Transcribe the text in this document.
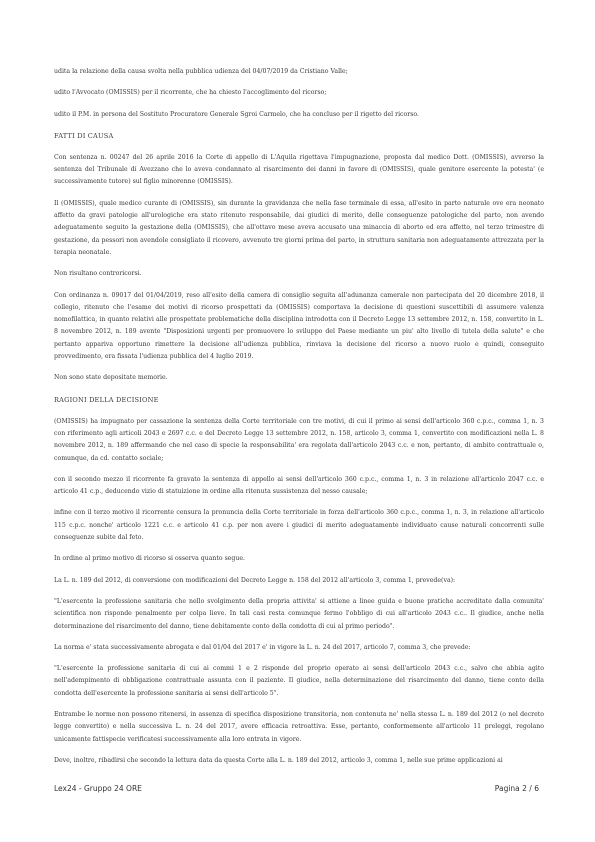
udita la relazione della causa svolta nella pubblica udienza del 04/07/2019 da Cristiano Valle;

udito l'Avvocato (OMISSIS) per il ricorrente, che ha chiesto l'accoglimento del ricorso;

udito il P.M. in persona del Sostituto Procuratore Generale Sgroi Carmelo, che ha concluso per il rigetto del ricorso.

FATTI DI CAUSA

Con sentenza n. 00247 del 26 aprile 2016 la Corte di appello di L'Aquila rigettava l'impugnazione, proposta dal medico Dott. (OMISSIS), avverso la sentenza del Tribunale di Avezzano che lo aveva condannato al risarcimento dei danni in favore di (OMISSIS), quale genitore esercente la potesta' (e successivamente tutore) sul figlio minorenne (OMISSIS).

Il (OMISSIS), quale medico curante di (OMISSIS), sin durante la gravidanza che nella fase terminale di essa, all'esito in parto naturale ove era neonato affetto da gravi patologie all'urologiche era stato ritenuto responsabile, dai giudici di merito, delle conseguenze patologiche del parto, non avendo adeguatamente seguito la gestazione della (OMISSIS), che all'ottavo mese aveva accusato una minaccia di aborto ed era affetto, nel terzo trimestre di gestazione, da pessori non avendole consigliato il ricovero, avvenuto tre giorni prima del parto, in struttura sanitaria non adeguatamente attrezzata per la terapia neonatale.

Non risultano controricorsi.

Con ordinanza n. 09017 del 01/04/2019, reso all'esito della camera di consiglio seguita all'adunanza camerale non partecipata del 20 dicembre 2018, il collegio, ritenuto che l'esame dei motivi di ricorso prospettati da (OMISSIS) comportava la decisione di questioni suscettibili di assumere valenza nomofilattica, in quanto relativi alle prospettate problematiche della disciplina introdotta con il Decreto Legge 13 settembre 2012, n. 158, convertito in L. 8 novembre 2012, n. 189 avente "Disposizioni urgenti per promuovere lo sviluppo del Paese mediante un piu' alto livello di tutela della salute" e che pertanto appariva opportuno rimettere la decisione all'udienza pubblica, rinviava la decisione del ricorso a nuovo ruolo e quindi, conseguito provvedimento, era fissata l'udienza pubblica del 4 luglio 2019.

Non sono state depositate memorie.

RAGIONI DELLA DECISIONE

(OMISSIS) ha impugnato per cassazione la sentenza della Corte territoriale con tre motivi, di cui il primo ai sensi dell'articolo 360 c.p.c., comma 1, n. 3 con riferimento agli articoli 2043 e 2697 c.c. e del Decreto Legge 13 settembre 2012, n. 158, articolo 3, comma 1, convertito con modificazioni nella L. 8 novembre 2012, n. 189 affermando che nel caso di specie la responsabilita' era regolata dall'articolo 2043 c.c. e non, pertanto, di ambito contrattuale o, comunque, da cd. contatto sociale;

con il secondo mezzo il ricorrente fa gravato la sentenza di appello ai sensi dell'articolo 360 c.p.c., comma 1, n. 3 in relazione all'articolo 2047 c.c. e articolo 41 c.p., deducendo vizio di statuizione in ordine alla ritenuta sussistenza del nesso causale;

infine con il terzo motivo il ricorrente censura la pronuncia della Corte territoriale in forza dell'articolo 360 c.p.c., comma 1, n. 3, in relazione all'articolo 115 c.p.c. nonche' articolo 1221 c.c. e articolo 41 c.p. per non avere i giudici di merito adeguatamente individuato cause naturali concorrenti sulle conseguenze subite dal feto.

In ordine al primo motivo di ricorso si osserva quanto segue.

La L. n. 189 del 2012, di conversione con modificazioni del Decreto Legge n. 158 del 2012 all'articolo 3, comma 1, prevede(va):

"L'esercente la professione sanitaria che nello svolgimento della propria attivita' si attiene a linee guida e buone pratiche accreditate dalla comunita' scientifica non risponde penalmente per colpa lieve. In tali casi resta comunque fermo l'obbligo di cui all'articolo 2043 c.c.. Il giudice, anche nella determinazione del risarcimento del danno, tiene debitamente conto della condotta di cui al primo periodo".

La norma e' stata successivamente abrogata e dal 01/04 del 2017 e' in vigore la L. n. 24 del 2017, articolo 7, comma 3, che prevede:

"L'esercente la professione sanitaria di cui ai commi 1 e 2 risponde del proprio operato ai sensi dell'articolo 2043 c.c., salvo che abbia agito nell'adempimento di obbligazione contrattuale assunta con il paziente. Il giudice, nella determinazione del risarcimento del danno, tiene conto della condotta dell'esercente la professione sanitaria ai sensi dell'articolo 5".

Entrambe le norme non possono ritenersi, in assenza di specifica disposizione transitoria, non contenuta ne' nella stessa L. n. 189 del 2012 (o nel decreto legge convertito) e nella successiva L. n. 24 del 2017, avere efficacia retroattiva. Esse, pertanto, conformemente all'articolo 11 preleggi, regolano unicamente fattispecie verificatesi successivamente alla loro entrata in vigore.

Deve, inoltre, ribadirsi che secondo la lettura data da questa Corte alla L. n. 189 del 2012, articolo 3, comma 1, nelle sue prime applicazioni ai

Lex24 - Gruppo 24 ORE	Pagina 2 / 6
